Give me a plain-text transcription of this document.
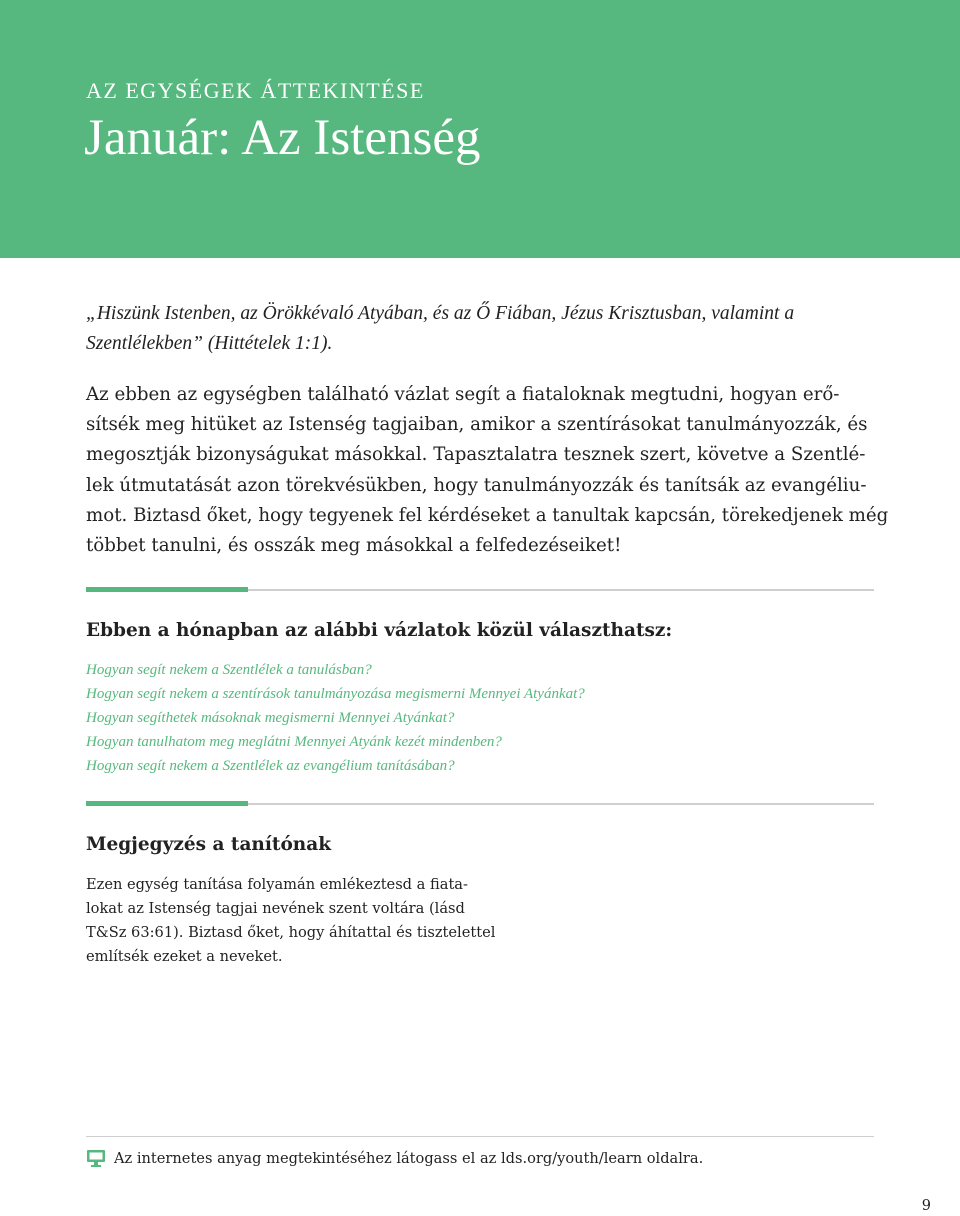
AZ EGYSÉGEK ÁTTEKINTÉSE

Január: Az Istenség

„Hiszünk Istenben, az Örökkévaló Atyában, és az Ő Fiában, Jézus Krisztusban, valamint a
Szentlélekben” (Hittételek 1:1).

Az ebben az egységben található vázlat segít a fiataloknak megtudni, hogyan erő-
sítsék meg hitüket az Istenség tagjaiban, amikor a szentírásokat tanulmányozzák, és
megosztják bizonyságukat másokkal. Tapasztalatra tesznek szert, követve a Szentlé-
lek útmutatását azon törekvésükben, hogy tanulmányozzák és tanítsák az evangéliu-
mot. Biztasd őket, hogy tegyenek fel kérdéseket a tanultak kapcsán, törekedjenek még
többet tanulni, és osszák meg másokkal a felfedezéseiket!

Ebben a hónapban az alábbi vázlatok közül választhatsz:
Hogyan segít nekem a Szentlélek a tanulásban?
Hogyan segít nekem a szentírások tanulmányozása megismerni Mennyei Atyánkat?
Hogyan segíthetek másoknak megismerni Mennyei Atyánkat?
Hogyan tanulhatom meg meglátni Mennyei Atyánk kezét mindenben?
Hogyan segít nekem a Szentlélek az evangélium tanításában?
Megjegyzés a tanítónak

Ezen egység tanítása folyamán emlékeztesd a fiata-
lokat az Istenség tagjai nevének szent voltára (lásd
T&Sz 63:61). Biztasd őket, hogy áhítattal és tisztelettel
említsék ezeket a neveket.

Az internetes anyag megtekintéséhez látogass el az lds.org/youth/learn oldalra.
9
